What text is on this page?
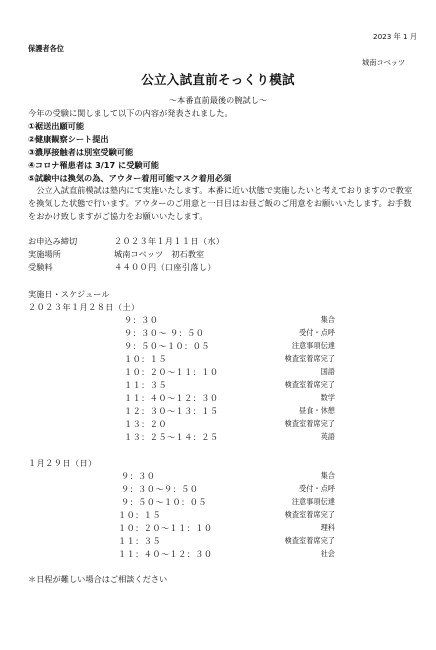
2023 年 1 月
保護者各位
城南コベッツ
公立入試直前そっくり模試
～本番直前最後の腕試し～
今年の受験に関しまして以下の内容が発表されました。
①裾送出願可能
②健康観察シート提出
③濃厚接触者は別室受験可能
④コロナ罹患者は 3/17 に受験可能
⑤試験中は換気の為、アウター着用可能マスク着用必須
公立入試直前模試は塾内にて実施いたします。本番に近い状態で実施したいと考えておりますので教室を換気した状態で行います。アウターのご用意と一日目はお昼ご飯のご用意をお願いいたします。お手数をおかけ致しますがご協力をお願いいたします。
お申込み締切	２０２３年１月１１日（水）
実施場所	城南コベッツ　初石教室
受験料	４４００円（口座引落し）
実施日・スケジュール
２０２３年１月２８日（土）
９：３０	集合
９：３０～ ９：５０	受付・点呼
９：５０～１０：０５	注意事項伝達
１０：１５	検査室着席完了
１０：２０～１１：１０	国語
１１：３５	検査室着席完了
１１：４０～１２：３０	数学
１２：３０～１３：１５	昼食・休憩
１３：２０	検査室着席完了
１３：２５～１４：２５	英語
１月２９日（日）
９：３０	集合
９：３０～９：５０	受付・点呼
９：５０～１０：０５	注意事項伝達
１０：１５	検査室着席完了
１０：２０～１１：１０	理科
１１：３５	検査室着席完了
１１：４０～１２：３０	社会
＊日程が難しい場合はご相談ください
